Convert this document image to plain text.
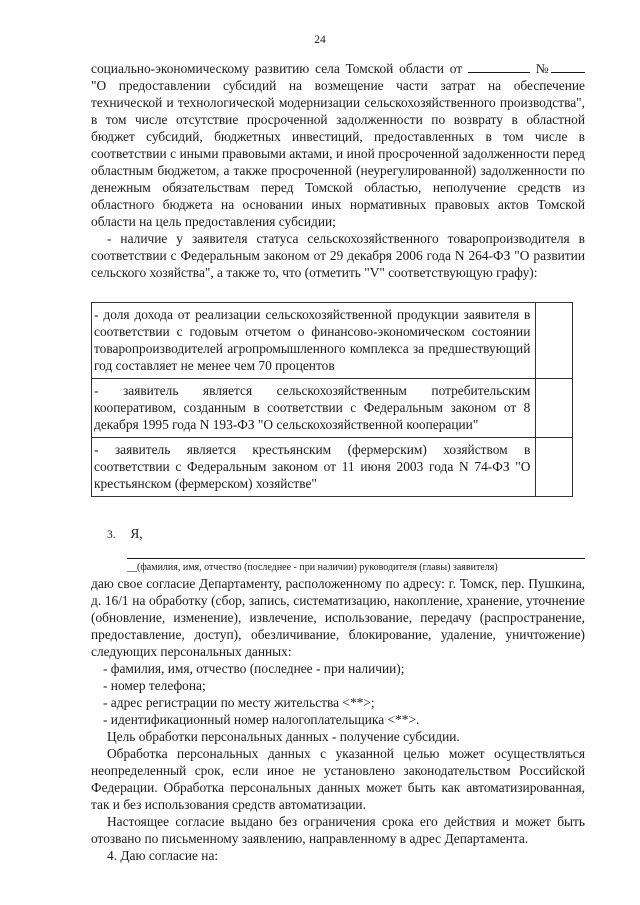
24

социально-экономическому развитию села Томской области от	№

"О предоставлении субсидий на возмещение части затрат на обеспечение технической и технологической модернизации сельскохозяйственного производства", в том числе отсутствие просроченной задолженности по возврату в областной бюджет субсидий, бюджетных инвестиций, предоставленных в том числе в соответствии с иными правовыми актами, и иной просроченной задолженности перед областным бюджетом, а также просроченной (неурегулированной) задолженности по денежным обязательствам перед Томской областью, неполучение средств из областного бюджета на основании иных нормативных правовых актов Томской области на цель предоставления субсидии;

- наличие у заявителя статуса сельскохозяйственного товаропроизводителя в соответствии с Федеральным законом от 29 декабря 2006 года N 264-ФЗ "О развитии сельского хозяйства", а также то, что (отметить "V" соответствующую графу):

- доля дохода от реализации сельскохозяйственной продукции заявителя в соответствии с годовым отчетом о финансово-экономическом состоянии товаропроизводителей агропромышленного комплекса за предшествующий год составляет не менее чем 70 процентов	
- заявитель является сельскохозяйственным потребительским кооперативом, созданным в соответствии с Федеральным законом от 8 декабря 1995 года N 193-ФЗ "О сельскохозяйственной кооперации"	
- заявитель является крестьянским (фермерским) хозяйством в соответствии с Федеральным законом от 11 июня 2003 года N 74-ФЗ "О крестьянском (фермерском) хозяйстве"	
3. Я,
__(фамилия, имя, отчество (последнее - при наличии) руководителя (главы) заявителя)

даю свое согласие Департаменту, расположенному по адресу: г. Томск, пер. Пушкина, д. 16/1 на обработку (сбор, запись, систематизацию, накопление, хранение, уточнение (обновление, изменение), извлечение, использование, передачу (распространение, предоставление, доступ), обезличивание, блокирование, удаление, уничтожение) следующих персональных данных:

- фамилия, имя, отчество (последнее - при наличии);
- номер телефона;
- адрес регистрации по месту жительства <**>;
- идентификационный номер налогоплательщика <**>.

Цель обработки персональных данных - получение субсидии.

Обработка персональных данных с указанной целью может осуществляться неопределенный срок, если иное не установлено законодательством Российской Федерации. Обработка персональных данных может быть как автоматизированная, так и без использования средств автоматизации.

Настоящее согласие выдано без ограничения срока его действия и может быть отозвано по письменному заявлению, направленному в адрес Департамента.

4. Даю согласие на:
